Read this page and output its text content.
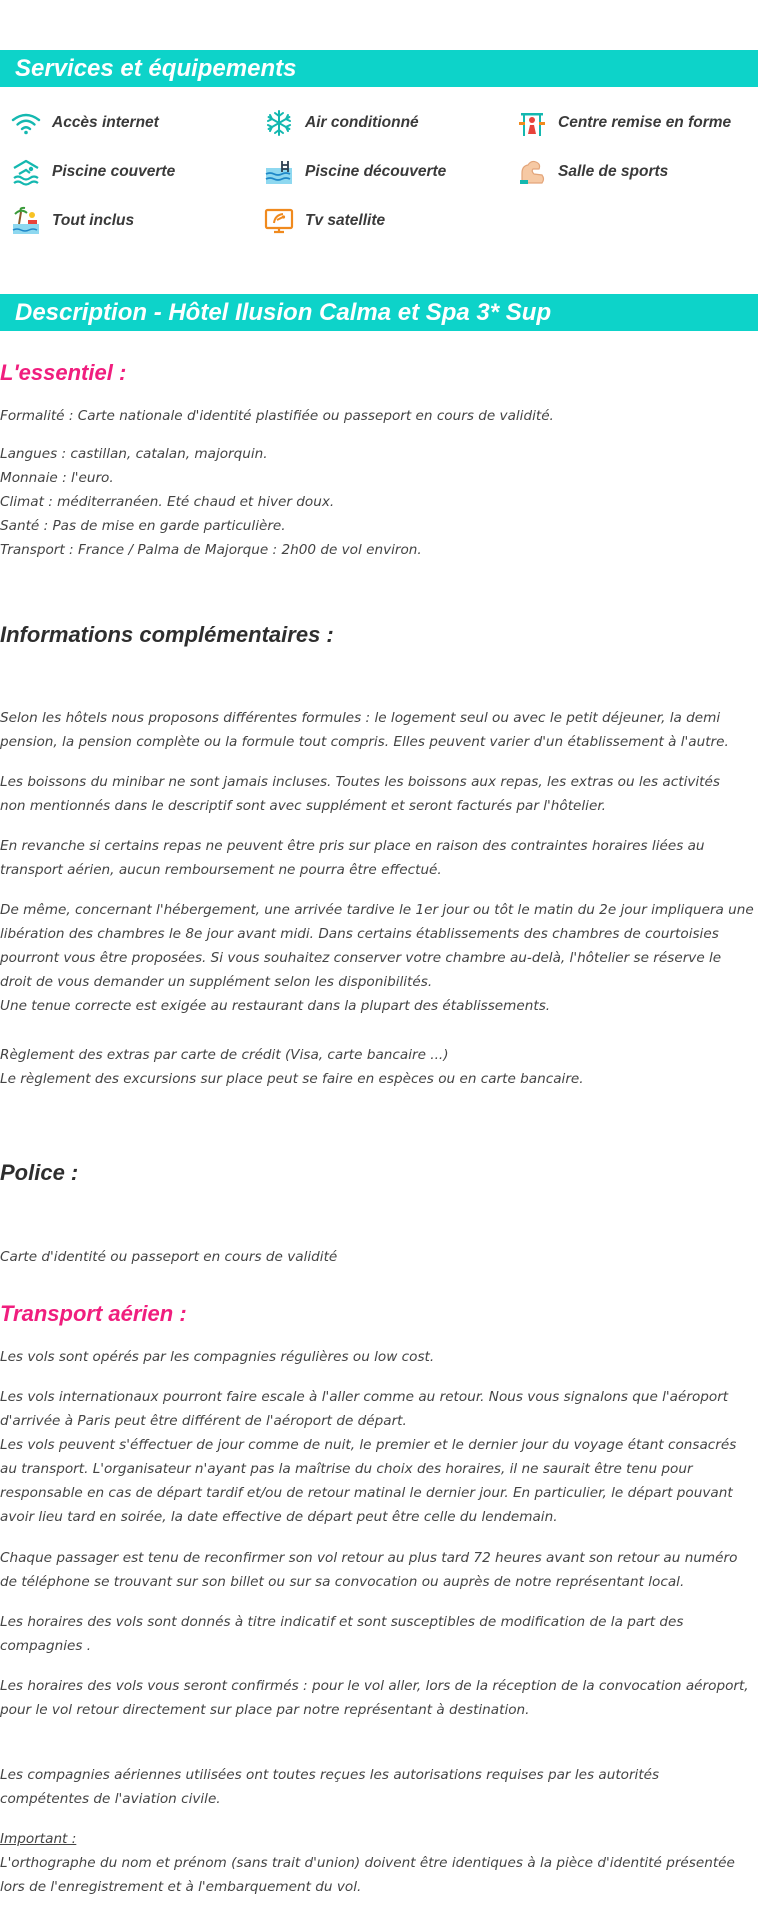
Services et équipements
Accès internet	Air conditionné	Centre remise en forme
Piscine couverte	Piscine découverte	Salle de sports
Tout inclus	Tv satellite
Description - Hôtel Ilusion Calma et Spa 3* Sup
L'essentiel :

Formalité : Carte nationale d'identité plastifiée ou passeport en cours de validité.

Langues : castillan, catalan, majorquin.
Monnaie : l'euro.
Climat : méditerranéen. Eté chaud et hiver doux.
Santé : Pas de mise en garde particulière.
Transport : France / Palma de Majorque : 2h00 de vol environ.

Informations complémentaires :

Selon les hôtels nous proposons différentes formules : le logement seul ou avec le petit déjeuner, la demi
pension, la pension complète ou la formule tout compris. Elles peuvent varier d'un établissement à l'autre.

Les boissons du minibar ne sont jamais incluses. Toutes les boissons aux repas, les extras ou les activités
non mentionnés dans le descriptif sont avec supplément et seront facturés par l'hôtelier.

En revanche si certains repas ne peuvent être pris sur place en raison des contraintes horaires liées au
transport aérien, aucun remboursement ne pourra être effectué.

De même, concernant l'hébergement, une arrivée tardive le 1er jour ou tôt le matin du 2e jour impliquera une
libération des chambres le 8e jour avant midi. Dans certains établissements des chambres de courtoisies
pourront vous être proposées. Si vous souhaitez conserver votre chambre au-delà, l'hôtelier se réserve le
droit de vous demander un supplément selon les disponibilités.
Une tenue correcte est exigée au restaurant dans la plupart des établissements.

Règlement des extras par carte de crédit (Visa, carte bancaire ...)
Le règlement des excursions sur place peut se faire en espèces ou en carte bancaire.

Police :

Carte d'identité ou passeport en cours de validité

Transport aérien :

Les vols sont opérés par les compagnies régulières ou low cost.

Les vols internationaux pourront faire escale à l'aller comme au retour. Nous vous signalons que l'aéroport
d'arrivée à Paris peut être différent de l'aéroport de départ.
Les vols peuvent s'éffectuer de jour comme de nuit, le premier et le dernier jour du voyage étant consacrés
au transport. L'organisateur n'ayant pas la maîtrise du choix des horaires, il ne saurait être tenu pour
responsable en cas de départ tardif et/ou de retour matinal le dernier jour. En particulier, le départ pouvant
avoir lieu tard en soirée, la date effective de départ peut être celle du lendemain.

Chaque passager est tenu de reconfirmer son vol retour au plus tard 72 heures avant son retour au numéro
de téléphone se trouvant sur son billet ou sur sa convocation ou auprès de notre représentant local.

Les horaires des vols sont donnés à titre indicatif et sont susceptibles de modification de la part des
compagnies .

Les horaires des vols vous seront confirmés : pour le vol aller, lors de la réception de la convocation aéroport,
pour le vol retour directement sur place par notre représentant à destination.

Les compagnies aériennes utilisées ont toutes reçues les autorisations requises par les autorités
compétentes de l'aviation civile.

Important :
L'orthographe du nom et prénom (sans trait d'union) doivent être identiques à la pièce d'identité présentée
lors de l'enregistrement et à l'embarquement du vol.
